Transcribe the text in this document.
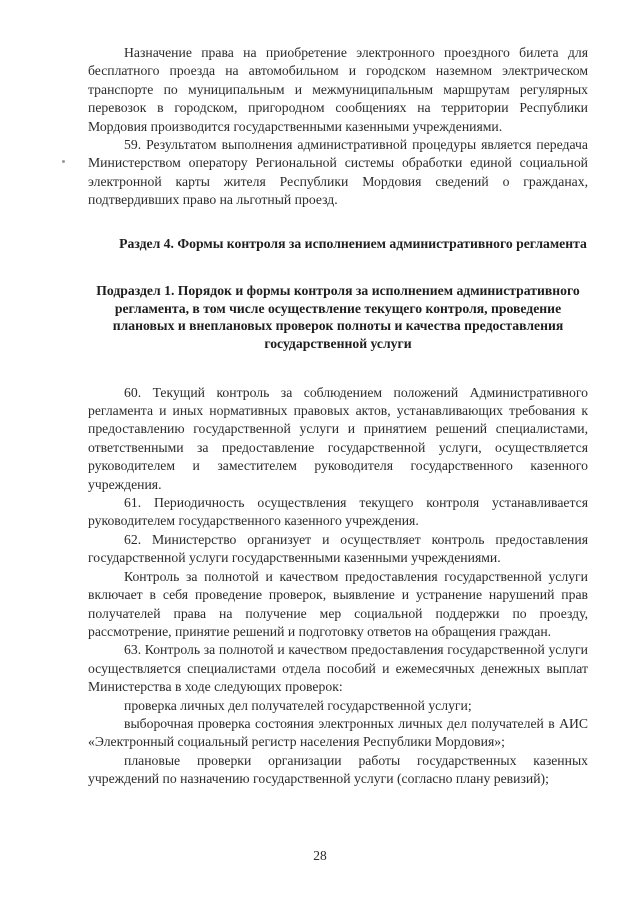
Назначение права на приобретение электронного проездного билета для бесплатного проезда на автомобильном и городском наземном электрическом транспорте по муниципальным и межмуниципальным маршрутам регулярных перевозок в городском, пригородном сообщениях на территории Республики Мордовия производится государственными казенными учреждениями.

59. Результатом выполнения административной процедуры является передача Министерством оператору Региональной системы обработки единой социальной электронной карты жителя Республики Мордовия сведений о гражданах, подтвердивших право на льготный проезд.

Раздел 4. Формы контроля за исполнением административного регламента

Подраздел 1. Порядок и формы контроля за исполнением административного регламента, в том числе осуществление текущего контроля, проведение плановых и внеплановых проверок полноты и качества предоставления государственной услуги

60. Текущий контроль за соблюдением положений Административного регламента и иных нормативных правовых актов, устанавливающих требования к предоставлению государственной услуги и принятием решений специалистами, ответственными за предоставление государственной услуги, осуществляется руководителем и заместителем руководителя государственного казенного учреждения.

61. Периодичность осуществления текущего контроля устанавливается руководителем государственного казенного учреждения.

62. Министерство организует и осуществляет контроль предоставления государственной услуги государственными казенными учреждениями.

Контроль за полнотой и качеством предоставления государственной услуги включает в себя проведение проверок, выявление и устранение нарушений прав получателей права на получение мер социальной поддержки по проезду, рассмотрение, принятие решений и подготовку ответов на обращения граждан.

63. Контроль за полнотой и качеством предоставления государственной услуги осуществляется специалистами отдела пособий и ежемесячных денежных выплат Министерства в ходе следующих проверок:

проверка личных дел получателей государственной услуги;

выборочная проверка состояния электронных личных дел получателей в АИС «Электронный социальный регистр населения Республики Мордовия»;

плановые проверки организации работы государственных казенных учреждений по назначению государственной услуги (согласно плану ревизий);

28
